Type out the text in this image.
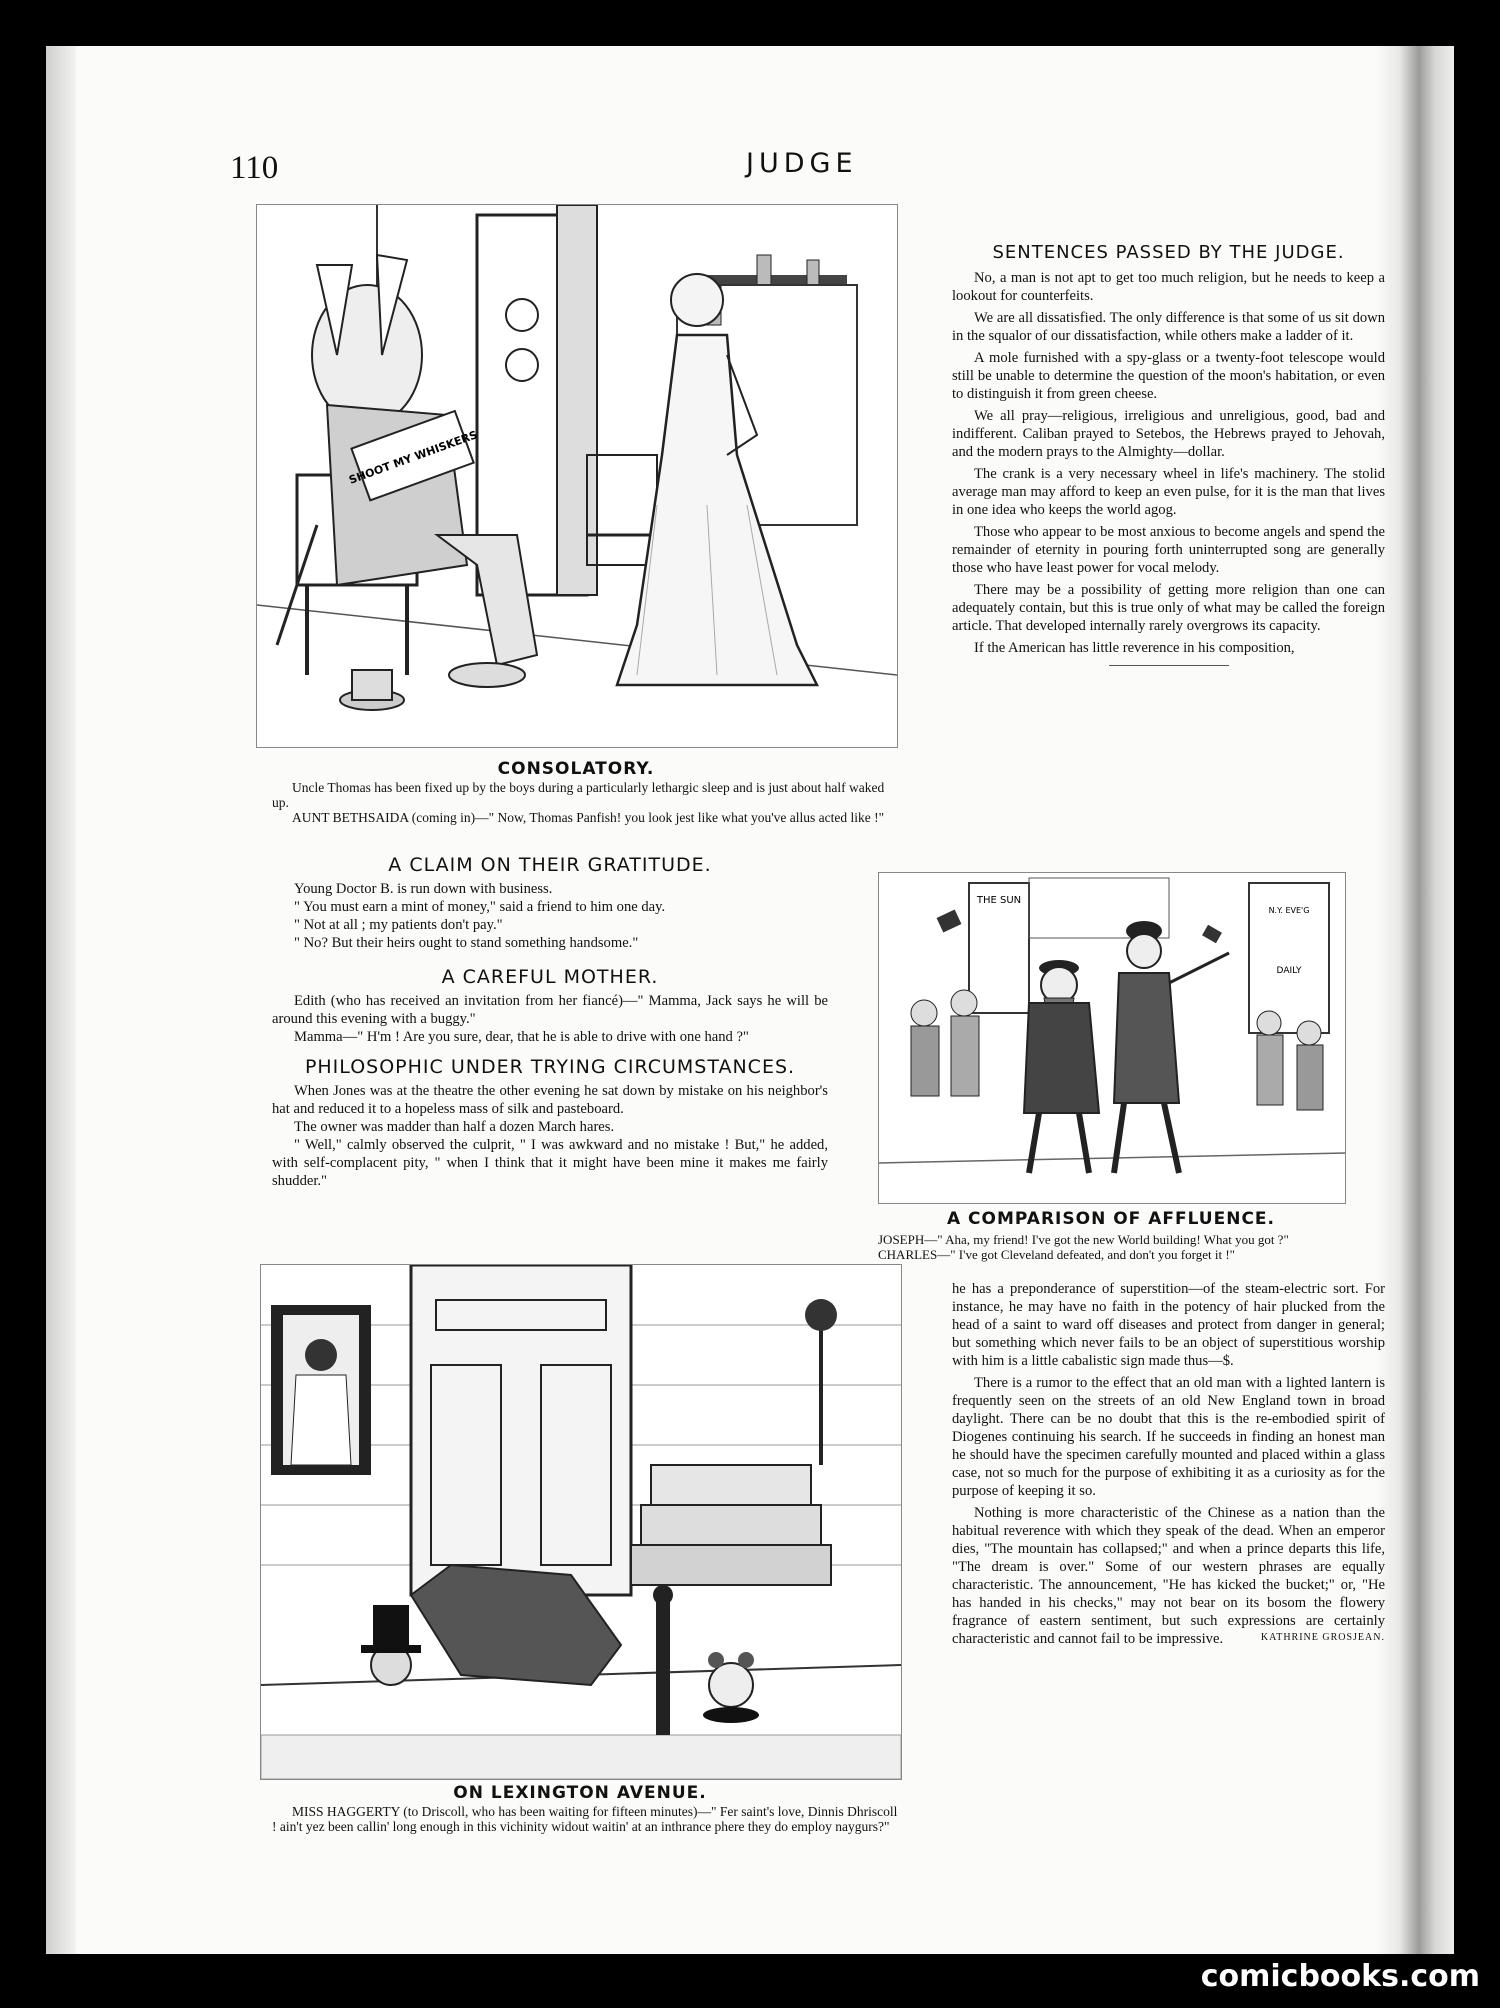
110	JUDGE
SHOOT MY WHISKERS
CONSOLATORY.

Uncle Thomas has been fixed up by the boys during a particularly lethargic sleep and is just about half waked up.

AUNT BETHSAIDA (coming in)—" Now, Thomas Panfish! you look jest like what you've allus acted like !"

A CLAIM ON THEIR GRATITUDE.

Young Doctor B. is run down with business.

" You must earn a mint of money," said a friend to him one day.

" Not at all ; my patients don't pay."

" No? But their heirs ought to stand something handsome."

A CAREFUL MOTHER.

Edith (who has received an invitation from her fiancé)—" Mamma, Jack says he will be around this evening with a buggy."

Mamma—" H'm ! Are you sure, dear, that he is able to drive with one hand ?"

PHILOSOPHIC UNDER TRYING CIRCUMSTANCES.

When Jones was at the theatre the other evening he sat down by mistake on his neighbor's hat and reduced it to a hopeless mass of silk and pasteboard.

The owner was madder than half a dozen March hares.

" Well," calmly observed the culprit, " I was awkward and no mistake ! But," he added, with self-complacent pity, " when I think that it might have been mine it makes me fairly shudder."

SENTENCES PASSED BY THE JUDGE.

No, a man is not apt to get too much religion, but he needs to keep a lookout for counterfeits.

We are all dissatisfied. The only difference is that some of us sit down in the squalor of our dissatisfaction, while others make a ladder of it.

A mole furnished with a spy-glass or a twenty-foot telescope would still be unable to determine the question of the moon's habitation, or even to distinguish it from green cheese.

We all pray—religious, irreligious and unreligious, good, bad and indifferent. Caliban prayed to Setebos, the Hebrews prayed to Jehovah, and the modern prays to the Almighty—dollar.

The crank is a very necessary wheel in life's machinery. The stolid average man may afford to keep an even pulse, for it is the man that lives in one idea who keeps the world agog.

Those who appear to be most anxious to become angels and spend the remainder of eternity in pouring forth uninterrupted song are generally those who have least power for vocal melody.

There may be a possibility of getting more religion than one can adequately contain, but this is true only of what may be called the foreign article. That developed internally rarely overgrows its capacity.

If the American has little reverence in his composition,

THE SUN
N.Y. EVE'G
DAILY
A COMPARISON OF AFFLUENCE.

JOSEPH—" Aha, my friend! I've got the new World building! What you got ?"

CHARLES—" I've got Cleveland defeated, and don't you forget it !"

ON LEXINGTON AVENUE.

MISS HAGGERTY (to Driscoll, who has been waiting for fifteen minutes)—" Fer saint's love, Dinnis Dhriscoll ! ain't yez been callin' long enough in this vichinity widout waitin' at an inthrance phere they do employ naygurs?"

he has a preponderance of superstition—of the steam-electric sort. For instance, he may have no faith in the potency of hair plucked from the head of a saint to ward off diseases and protect from danger in general; but something which never fails to be an object of superstitious worship with him is a little cabalistic sign made thus—$.

There is a rumor to the effect that an old man with a lighted lantern is frequently seen on the streets of an old New England town in broad daylight. There can be no doubt that this is the re-embodied spirit of Diogenes continuing his search. If he succeeds in finding an honest man he should have the specimen carefully mounted and placed within a glass case, not so much for the purpose of exhibiting it as a curiosity as for the purpose of keeping it so.

Nothing is more characteristic of the Chinese as a nation than the habitual reverence with which they speak of the dead. When an emperor dies, "The mountain has collapsed;" and when a prince departs this life, "The dream is over." Some of our western phrases are equally characteristic. The announcement, "He has kicked the bucket;" or, "He has handed in his checks," may not bear on its bosom the flowery fragrance of eastern sentiment, but such expressions are certainly characteristic and cannot fail to be impressive.	KATHRINE GROSJEAN.
comicbooks.com
